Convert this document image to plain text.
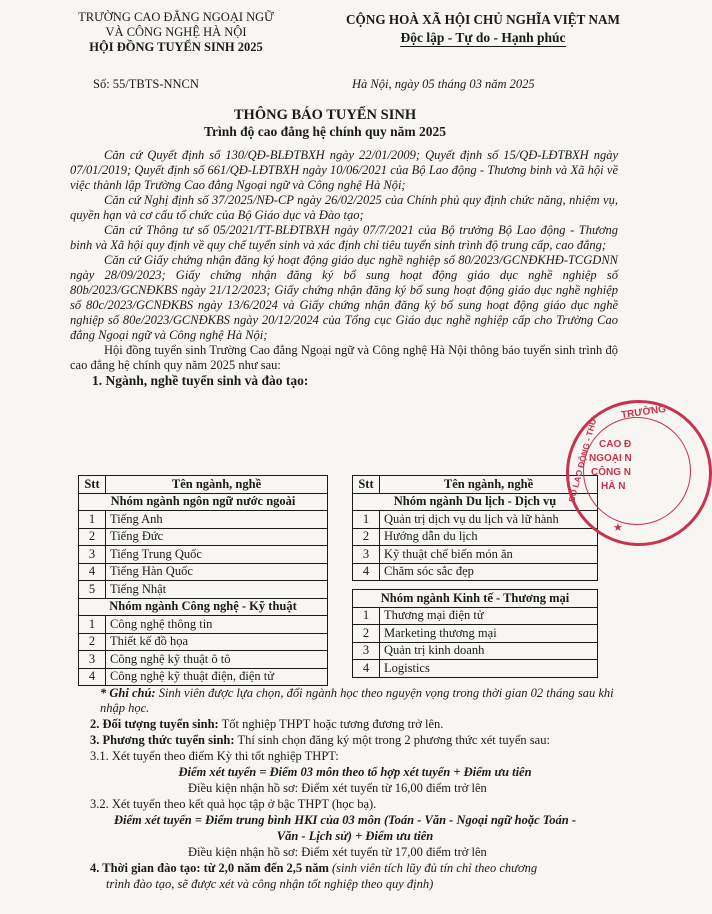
TRƯỜNG CAO ĐẲNG NGOẠI NGỮ
VÀ CÔNG NGHỆ HÀ NỘI
HỘI ĐỒNG TUYỂN SINH 2025
CỘNG HOÀ XÃ HỘI CHỦ NGHĨA VIỆT NAM
Độc lập - Tự do - Hạnh phúc
Số: 55/TBTS-NNCN	Hà Nội, ngày 05 tháng 03 năm 2025
THÔNG BÁO TUYỂN SINH
Trình độ cao đẳng hệ chính quy năm 2025

Căn cứ Quyết định số 130/QĐ-BLĐTBXH ngày 22/01/2009; Quyết định số 15/QĐ-LĐTBXH ngày 07/01/2019; Quyết định số 661/QĐ-LĐTBXH ngày 10/06/2021 của Bộ Lao động - Thương binh và Xã hội về việc thành lập Trường Cao đẳng Ngoại ngữ và Công nghệ Hà Nội;

Căn cứ Nghị định số 37/2025/NĐ-CP ngày 26/02/2025 của Chính phủ quy định chức năng, nhiệm vụ, quyền hạn và cơ cấu tổ chức của Bộ Giáo dục và Đào tạo;

Căn cứ Thông tư số 05/2021/TT-BLĐTBXH ngày 07/7/2021 của Bộ trưởng Bộ Lao động - Thương binh và Xã hội quy định về quy chế tuyển sinh và xác định chỉ tiêu tuyển sinh trình độ trung cấp, cao đẳng;

Căn cứ Giấy chứng nhận đăng ký hoạt động giáo dục nghề nghiệp số 80/2023/GCNĐKHĐ-TCGDNN ngày 28/09/2023; Giấy chứng nhận đăng ký bổ sung hoạt động giáo dục nghề nghiệp số 80b/2023/GCNĐKBS ngày 21/12/2023; Giấy chứng nhận đăng ký bổ sung hoạt động giáo dục nghề nghiệp số 80c/2023/GCNĐKBS ngày 13/6/2024 và Giấy chứng nhận đăng ký bổ sung hoạt động giáo dục nghề nghiệp số 80e/2023/GCNĐKBS ngày 20/12/2024 của Tổng cục Giáo dục nghề nghiệp cấp cho Trường Cao đẳng Ngoại ngữ và Công nghệ Hà Nội;

Hội đồng tuyển sinh Trường Cao đẳng Ngoại ngữ và Công nghệ Hà Nội thông báo tuyển sinh trình độ cao đẳng hệ chính quy năm 2025 như sau:

1. Ngành, nghề tuyển sinh và đào tạo:

Stt	Tên ngành, nghề
Nhóm ngành ngôn ngữ nước ngoài	
1	Tiếng Anh
2	Tiếng Đức
3	Tiếng Trung Quốc
4	Tiếng Hàn Quốc
5	Tiếng Nhật
Nhóm ngành Công nghệ - Kỹ thuật	
1	Công nghệ thông tin
2	Thiết kế đồ họa
3	Công nghệ kỹ thuật ô tô
4	Công nghệ kỹ thuật điện, điện tử
Stt	Tên ngành, nghề
Nhóm ngành Du lịch - Dịch vụ	
1	Quản trị dịch vụ du lịch và lữ hành
2	Hướng dẫn du lịch
3	Kỹ thuật chế biến món ăn
4	Chăm sóc sắc đẹp

Nhóm ngành Kinh tế - Thương mại	
1	Thương mại điện tử
2	Marketing thương mại
3	Quản trị kinh doanh
4	Logistics
* Ghi chú: Sinh viên được lựa chọn, đổi ngành học theo nguyện vọng trong thời gian 02 tháng sau khi nhập học.
2. Đối tượng tuyển sinh: Tốt nghiệp THPT hoặc tương đương trở lên.
3. Phương thức tuyển sinh: Thí sinh chọn đăng ký một trong 2 phương thức xét tuyển sau:
3.1. Xét tuyển theo điểm Kỳ thi tốt nghiệp THPT:
Điểm xét tuyển = Điểm 03 môn theo tổ hợp xét tuyển + Điểm ưu tiên
Điều kiện nhận hồ sơ: Điểm xét tuyển từ 16,00 điểm trở lên
3.2. Xét tuyển theo kết quả học tập ở bậc THPT (học bạ).
Điểm xét tuyển = Điểm trung bình HKI của 03 môn (Toán - Văn - Ngoại ngữ hoặc Toán -
Văn - Lịch sử) + Điểm ưu tiên
Điều kiện nhận hồ sơ: Điểm xét tuyển từ 17,00 điểm trở lên
4. Thời gian đào tạo: từ 2,0 năm đến 2,5 năm (sinh viên tích lũy đủ tín chỉ theo chương
trình đào tạo, sẽ được xét và công nhận tốt nghiệp theo quy định)
TRƯỜNG
CAO Đ
NGOẠI N
CÔNG N
HÀ N
BỘ LAO ĐỘNG - THƯ
★
